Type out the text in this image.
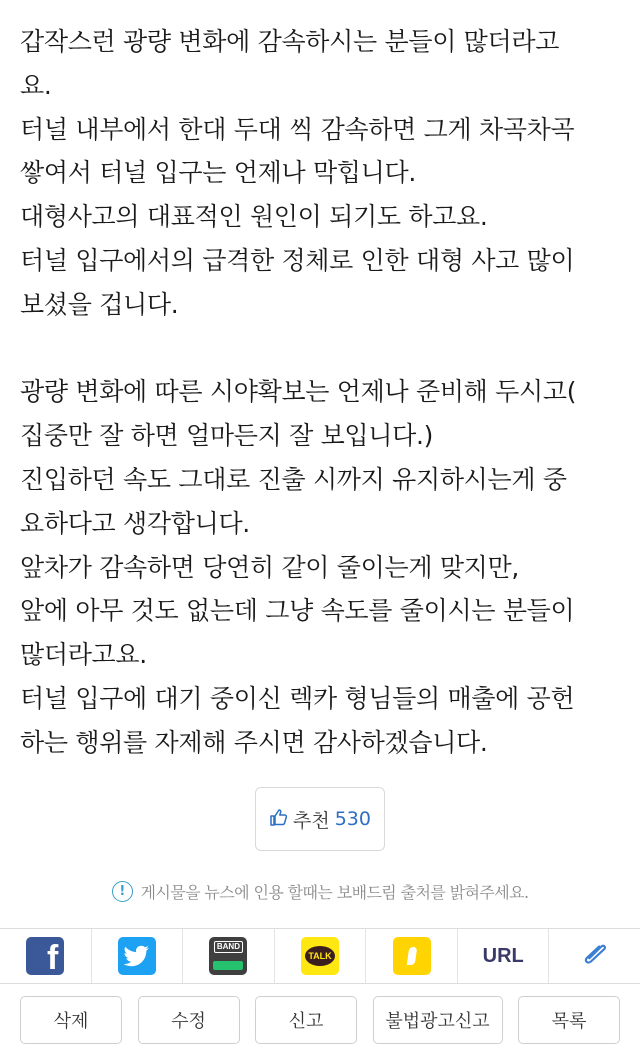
갑작스런 광량 변화에 감속하시는 분들이 많더라고

요.

터널 내부에서 한대 두대 씩 감속하면 그게 차곡차곡

쌓여서 터널 입구는 언제나 막힙니다.

대형사고의 대표적인 원인이 되기도 하고요.

터널 입구에서의 급격한 정체로 인한 대형 사고 많이

보셨을 겁니다.

광량 변화에 따른 시야확보는 언제나 준비해 두시고(

집중만 잘 하면 얼마든지 잘 보입니다.)

진입하던 속도 그대로 진출 시까지 유지하시는게 중

요하다고 생각합니다.

앞차가 감속하면 당연히 같이 줄이는게 맞지만,

앞에 아무 것도 없는데 그냥 속도를 줄이시는 분들이

많더라고요.

터널 입구에 대기 중이신 렉카 형님들의 매출에 공헌

하는 행위를 자제해 주시면 감사하겠습니다.

추천 530
! 게시물을 뉴스에 인용 할때는 보배드림 출처를 밝혀주세요.
f	BAND
TALK	URL
삭제	수정	신고	불법광고신고	목록
